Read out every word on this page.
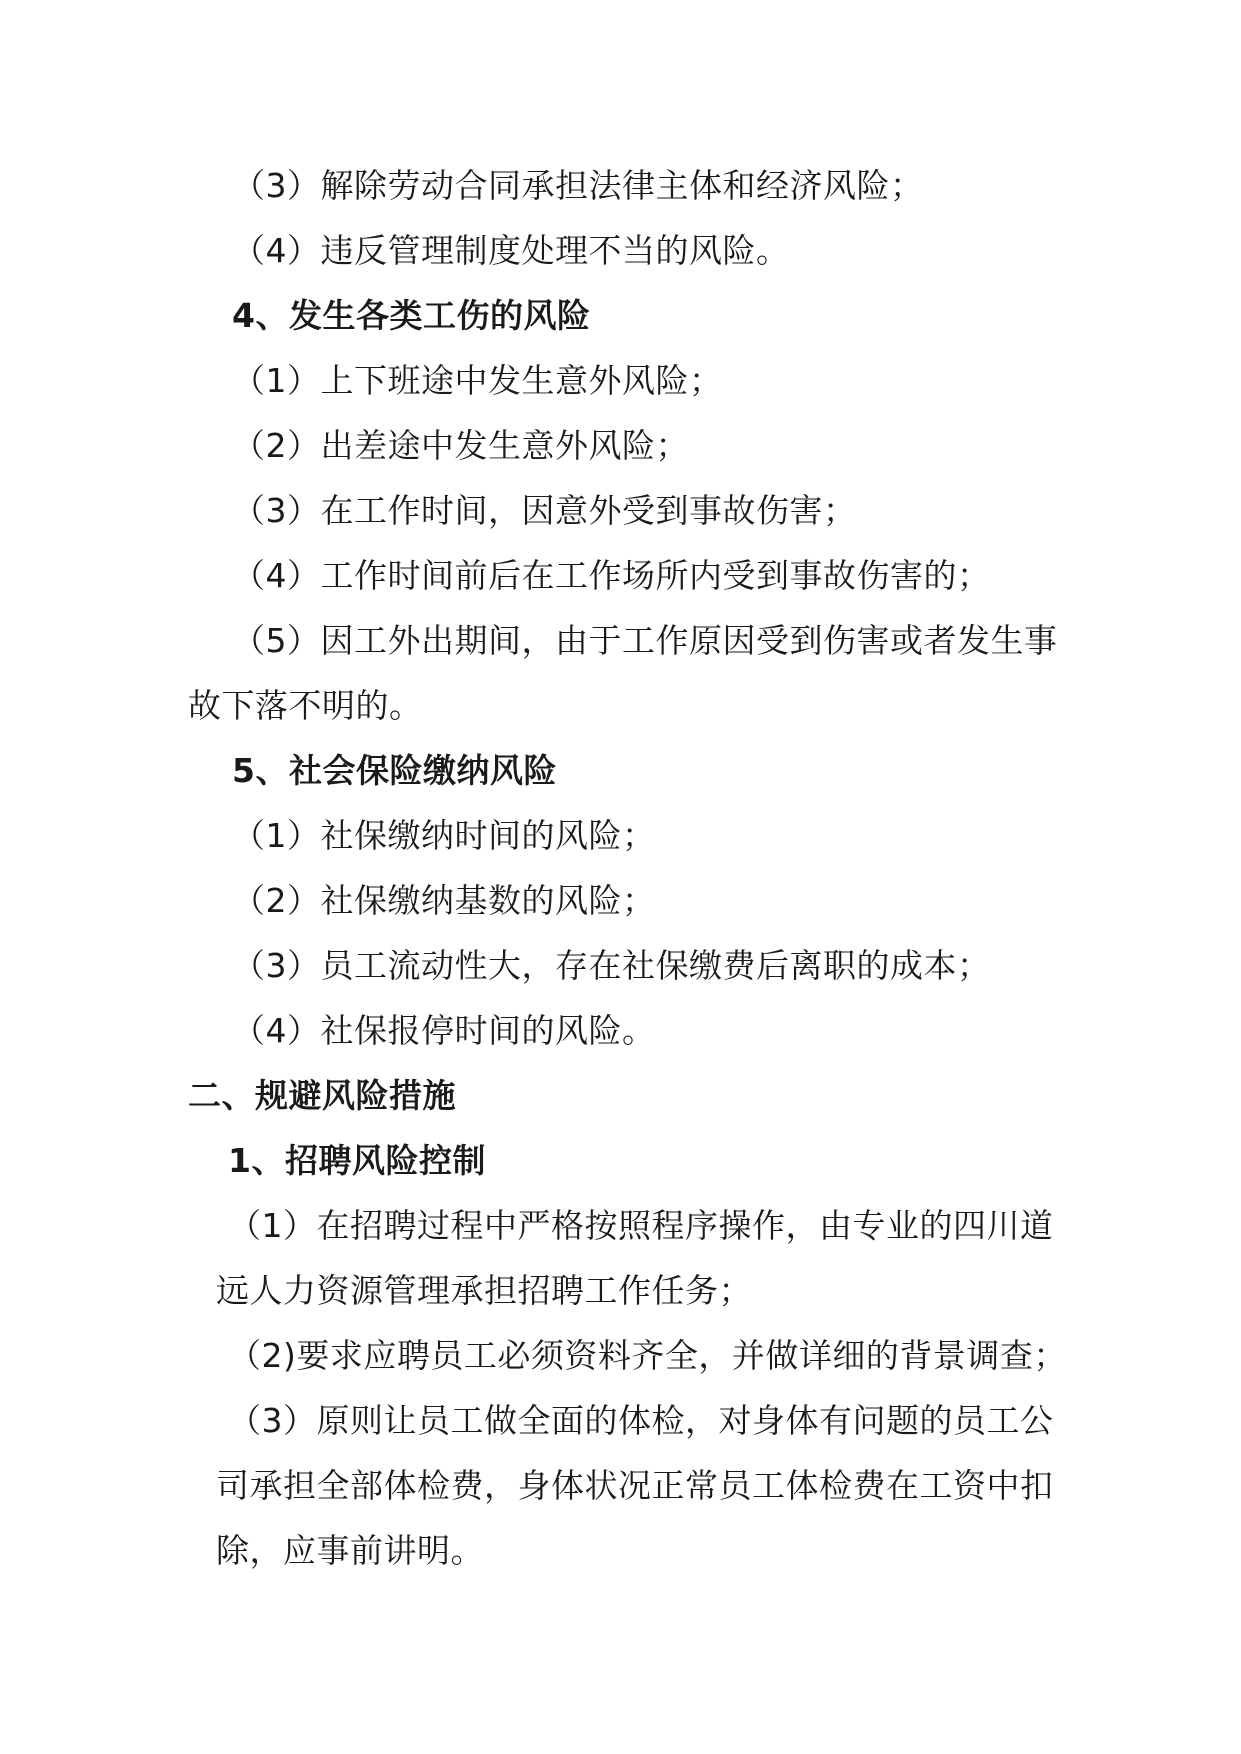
（3）解除劳动合同承担法律主体和经济风险；
（4）违反管理制度处理不当的风险。
4、发生各类工伤的风险
（1）上下班途中发生意外风险；
（2）出差途中发生意外风险；
（3）在工作时间，因意外受到事故伤害；
（4）工作时间前后在工作场所内受到事故伤害的；
（5）因工外出期间，由于工作原因受到伤害或者发生事
故下落不明的。
5、社会保险缴纳风险
（1）社保缴纳时间的风险；
（2）社保缴纳基数的风险；
（3）员工流动性大，存在社保缴费后离职的成本；
（4）社保报停时间的风险。
二、规避风险措施
1、招聘风险控制
（1）在招聘过程中严格按照程序操作，由专业的四川道
远人力资源管理承担招聘工作任务；
（2)要求应聘员工必须资料齐全，并做详细的背景调查；
（3）原则让员工做全面的体检，对身体有问题的员工公
司承担全部体检费，身体状况正常员工体检费在工资中扣
除，应事前讲明。
